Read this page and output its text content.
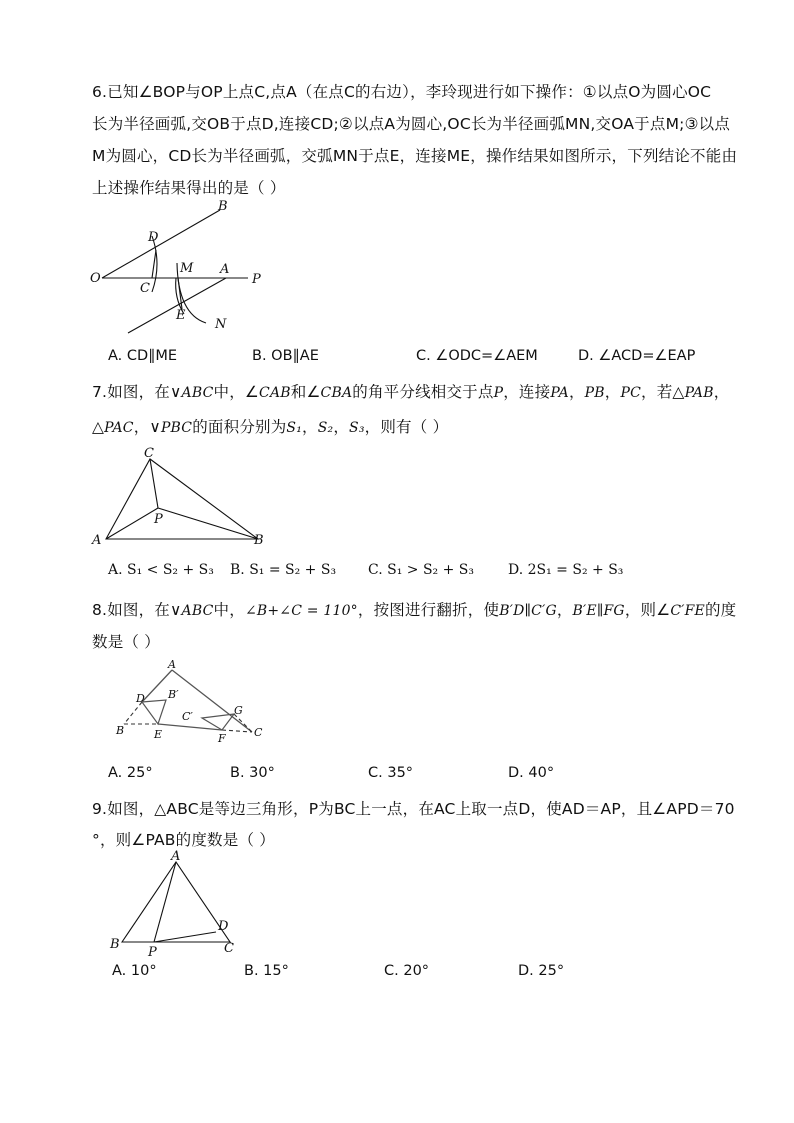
6.已知∠BOP与OP上点C,点A（在点C的右边），李玲现进行如下操作：①以点O为圆心OC
长为半径画弧,交OB于点D,连接CD;②以点A为圆心,OC长为半径画弧MN,交OA于点M;③以点
M为圆心，CD长为半径画弧，交弧MN于点E，连接ME，操作结果如图所示，下列结论不能由
上述操作结果得出的是（ ）
B
D
O
C
M A
P
E
N
A. CD∥ME	B. OB∥AE	C. ∠ODC=∠AEM	D. ∠ACD=∠EAP
7.如图，在∨ABC中，∠CAB和∠CBA的角平分线相交于点P，连接PA，PB，PC，若△PAB，
△PAC，∨PBC的面积分别为S₁，S₂，S₃，则有（ ）
C
P
A	B
A. S₁ < S₂ + S₃ B. S₁ = S₂ + S₃ C. S₁ > S₂ + S₃ D. 2S₁ = S₂ + S₃
8.如图，在∨ABC中，∠B+∠C = 110°，按图进行翻折，使B′D∥C′G，B′E∥FG，则∠C′FE的度
数是（ ）
A
D B′
C′	G
B	E	F	C
A. 25°	B. 30°	C. 35°	D. 40°
9.如图，△ABC是等边三角形，P为BC上一点，在AC上取一点D，使AD＝AP，且∠APD＝70
°，则∠PAB的度数是（ ）
A
D
B
P	C
A. 10°	B. 15°	C. 20°	D. 25°
